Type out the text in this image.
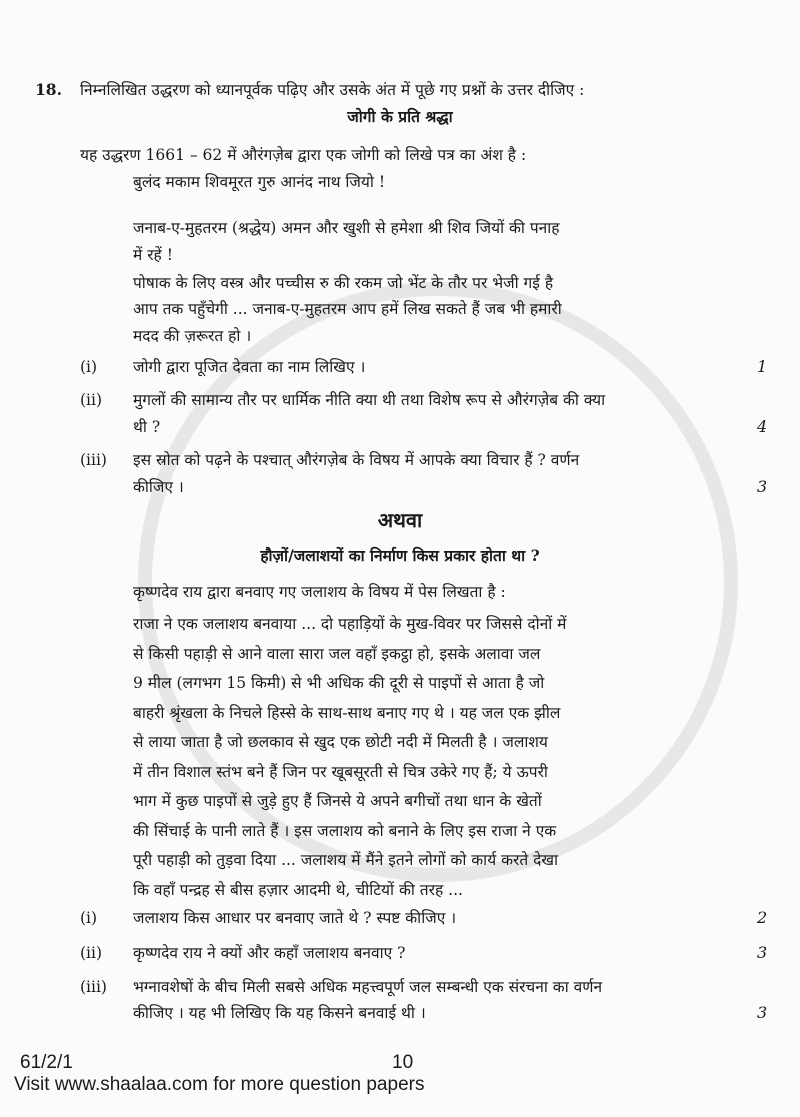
18. निम्नलिखित उद्धरण को ध्यानपूर्वक पढ़िए और उसके अंत में पूछे गए प्रश्नों के उत्तर दीजिए :
जोगी के प्रति श्रद्धा
यह उद्धरण 1661 – 62 में औरंगज़ेब द्वारा एक जोगी को लिखे पत्र का अंश है :
बुलंद मकाम शिवमूरत गुरु आनंद नाथ जियो !
जनाब-ए-मुहतरम (श्रद्धेय) अमन और खुशी से हमेशा श्री शिव जियों की पनाह
में रहें !
पोषाक के लिए वस्त्र और पच्चीस रु की रकम जो भेंट के तौर पर भेजी गई है
आप तक पहुँचेगी ... जनाब-ए-मुहतरम आप हमें लिख सकते हैं जब भी हमारी
मदद की ज़रूरत हो ।
(i) जोगी द्वारा पूजित देवता का नाम लिखिए ।	1
(ii) मुगलों की सामान्य तौर पर धार्मिक नीति क्या थी तथा विशेष रूप से औरंगज़ेब की क्या
थी ?	4
(iii) इस स्रोत को पढ़ने के पश्चात् औरंगज़ेब के विषय में आपके क्या विचार हैं ? वर्णन
कीजिए ।	3
अथवा
हौज़ों/जलाशयों का निर्माण किस प्रकार होता था ?
कृष्णदेव राय द्वारा बनवाए गए जलाशय के विषय में पेस लिखता है :
राजा ने एक जलाशय बनवाया ... दो पहाड़ियों के मुख-विवर पर जिससे दोनों में
से किसी पहाड़ी से आने वाला सारा जल वहाँ इकट्ठा हो, इसके अलावा जल
9 मील (लगभग 15 किमी) से भी अधिक की दूरी से पाइपों से आता है जो
बाहरी श्रृंखला के निचले हिस्से के साथ-साथ बनाए गए थे । यह जल एक झील
से लाया जाता है जो छलकाव से खुद एक छोटी नदी में मिलती है । जलाशय
में तीन विशाल स्तंभ बने हैं जिन पर खूबसूरती से चित्र उकेरे गए हैं; ये ऊपरी
भाग में कुछ पाइपों से जुड़े हुए हैं जिनसे ये अपने बगीचों तथा धान के खेतों
की सिंचाई के पानी लाते हैं । इस जलाशय को बनाने के लिए इस राजा ने एक
पूरी पहाड़ी को तुड़वा दिया ... जलाशय में मैंने इतने लोगों को कार्य करते देखा
कि वहाँ पन्द्रह से बीस हज़ार आदमी थे, चीटियों की तरह ...
(i) जलाशय किस आधार पर बनवाए जाते थे ? स्पष्ट कीजिए ।	2
(ii) कृष्णदेव राय ने क्यों और कहाँ जलाशय बनवाए ?	3
(iii) भग्नावशेषों के बीच मिली सबसे अधिक महत्त्वपूर्ण जल सम्बन्धी एक संरचना का वर्णन
कीजिए । यह भी लिखिए कि यह किसने बनवाई थी ।	3
61/2/1	10
Visit www.shaalaa.com for more question papers
